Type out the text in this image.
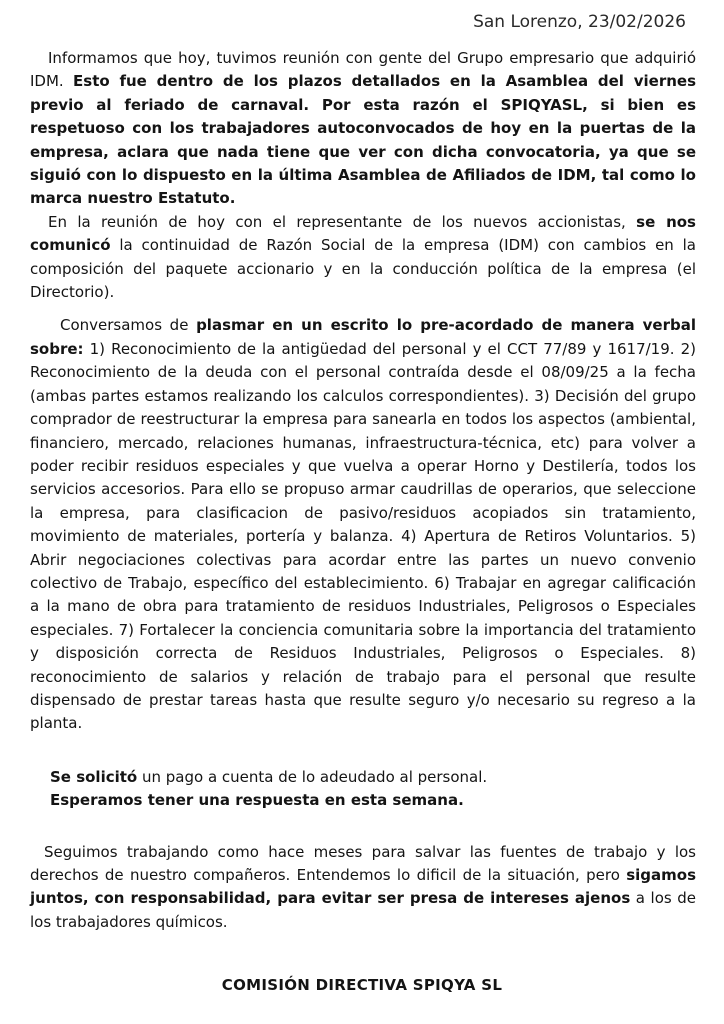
San Lorenzo, 23/02/2026

Informamos que hoy, tuvimos reunión con gente del Grupo empresario que adquirió IDM. Esto fue dentro de los plazos detallados en la Asamblea del viernes previo al feriado de carnaval. Por esta razón el SPIQYASL, si bien es respetuoso con los trabajadores autoconvocados de hoy en la puertas de la empresa, aclara que nada tiene que ver con dicha convocatoria, ya que se siguió con lo dispuesto en la última Asamblea de Afiliados de IDM, tal como lo marca nuestro Estatuto.

En la reunión de hoy con el representante de los nuevos accionistas, se nos comunicó la continuidad de Razón Social de la empresa (IDM) con cambios en la composición del paquete accionario y en la conducción política de la empresa (el Directorio).

Conversamos de plasmar en un escrito lo pre-acordado de manera verbal sobre: 1) Reconocimiento de la antigüedad del personal y el CCT 77/89 y 1617/19. 2) Reconocimiento de la deuda con el personal contraída desde el 08/09/25 a la fecha (ambas partes estamos realizando los calculos correspondientes). 3) Decisión del grupo comprador de reestructurar la empresa para sanearla en todos los aspectos (ambiental, financiero, mercado, relaciones humanas, infraestructura-técnica, etc) para volver a poder recibir residuos especiales y que vuelva a operar Horno y Destilería, todos los servicios accesorios. Para ello se propuso armar caudrillas de operarios, que seleccione la empresa, para clasificacion de pasivo/residuos acopiados sin tratamiento, movimiento de materiales, portería y balanza. 4) Apertura de Retiros Voluntarios. 5) Abrir negociaciones colectivas para acordar entre las partes un nuevo convenio colectivo de Trabajo, específico del establecimiento. 6) Trabajar en agregar calificación a la mano de obra para tratamiento de residuos Industriales, Peligrosos o Especiales especiales. 7) Fortalecer la conciencia comunitaria sobre la importancia del tratamiento y disposición correcta de Residuos Industriales, Peligrosos o Especiales. 8) reconocimiento de salarios y relación de trabajo para el personal que resulte dispensado de prestar tareas hasta que resulte seguro y/o necesario su regreso a la planta.

Se solicitó un pago a cuenta de lo adeudado al personal.

Esperamos tener una respuesta en esta semana.

Seguimos trabajando como hace meses para salvar las fuentes de trabajo y los derechos de nuestro compañeros. Entendemos lo dificil de la situación, pero sigamos juntos, con responsabilidad, para evitar ser presa de intereses ajenos a los de los trabajadores químicos.

COMISIÓN DIRECTIVA SPIQYA SL
